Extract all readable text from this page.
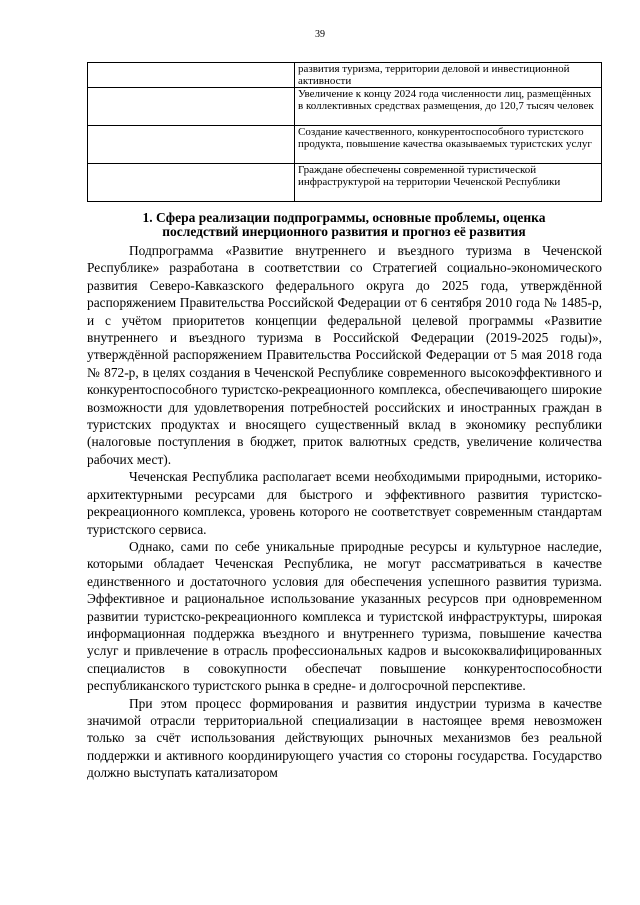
39
	развития туризма, территории деловой и инвестиционной активности
	Увеличение к концу 2024 года численности лиц, размещённых в коллективных средствах размещения, до 120,7 тысяч человек
	Создание качественного, конкурентоспособного туристского продукта, повышение качества оказываемых туристских услуг
	Граждане обеспечены современной туристической инфраструктурой на территории Чеченской Республики
1. Сфера реализации подпрограммы, основные проблемы, оценка
последствий инерционного развития и прогноз её развития

Подпрограмма «Развитие внутреннего и въездного туризма в Чеченской Республике» разработана в соответствии со Стратегией социально-экономического развития Северо-Кавказского федерального округа до 2025 года, утверждённой распоряжением Правительства Российской Федерации от 6 сентября 2010 года № 1485-р, и с учётом приоритетов концепции федеральной целевой программы «Развитие внутреннего и въездного туризма в Российской Федерации (2019-2025 годы)», утверждённой распоряжением Правительства Российской Федерации от 5 мая 2018 года № 872-р, в целях создания в Чеченской Республике современного высокоэффективного и конкурентоспособного туристско-рекреационного комплекса, обеспечивающего широкие возможности для удовлетворения потребностей российских и иностранных граждан в туристских продуктах и вносящего существенный вклад в экономику республики (налоговые поступления в бюджет, приток валютных средств, увеличение количества рабочих мест).

Чеченская Республика располагает всеми необходимыми природными, историко-архитектурными ресурсами для быстрого и эффективного развития туристско-рекреационного комплекса, уровень которого не соответствует современным стандартам туристского сервиса.

Однако, сами по себе уникальные природные ресурсы и культурное наследие, которыми обладает Чеченская Республика, не могут рассматриваться в качестве единственного и достаточного условия для обеспечения успешного развития туризма. Эффективное и рациональное использование указанных ресурсов при одновременном развитии туристско-рекреационного комплекса и туристской инфраструктуры, широкая информационная поддержка въездного и внутреннего туризма, повышение качества услуг и привлечение в отрасль профессиональных кадров и высококвалифицированных специалистов в совокупности обеспечат повышение конкурентоспособности республиканского туристского рынка в средне- и долгосрочной перспективе.

При этом процесс формирования и развития индустрии туризма в качестве значимой отрасли территориальной специализации в настоящее время невозможен только за счёт использования действующих рыночных механизмов без реальной поддержки и активного координирующего участия со стороны государства. Государство должно выступать катализатором
